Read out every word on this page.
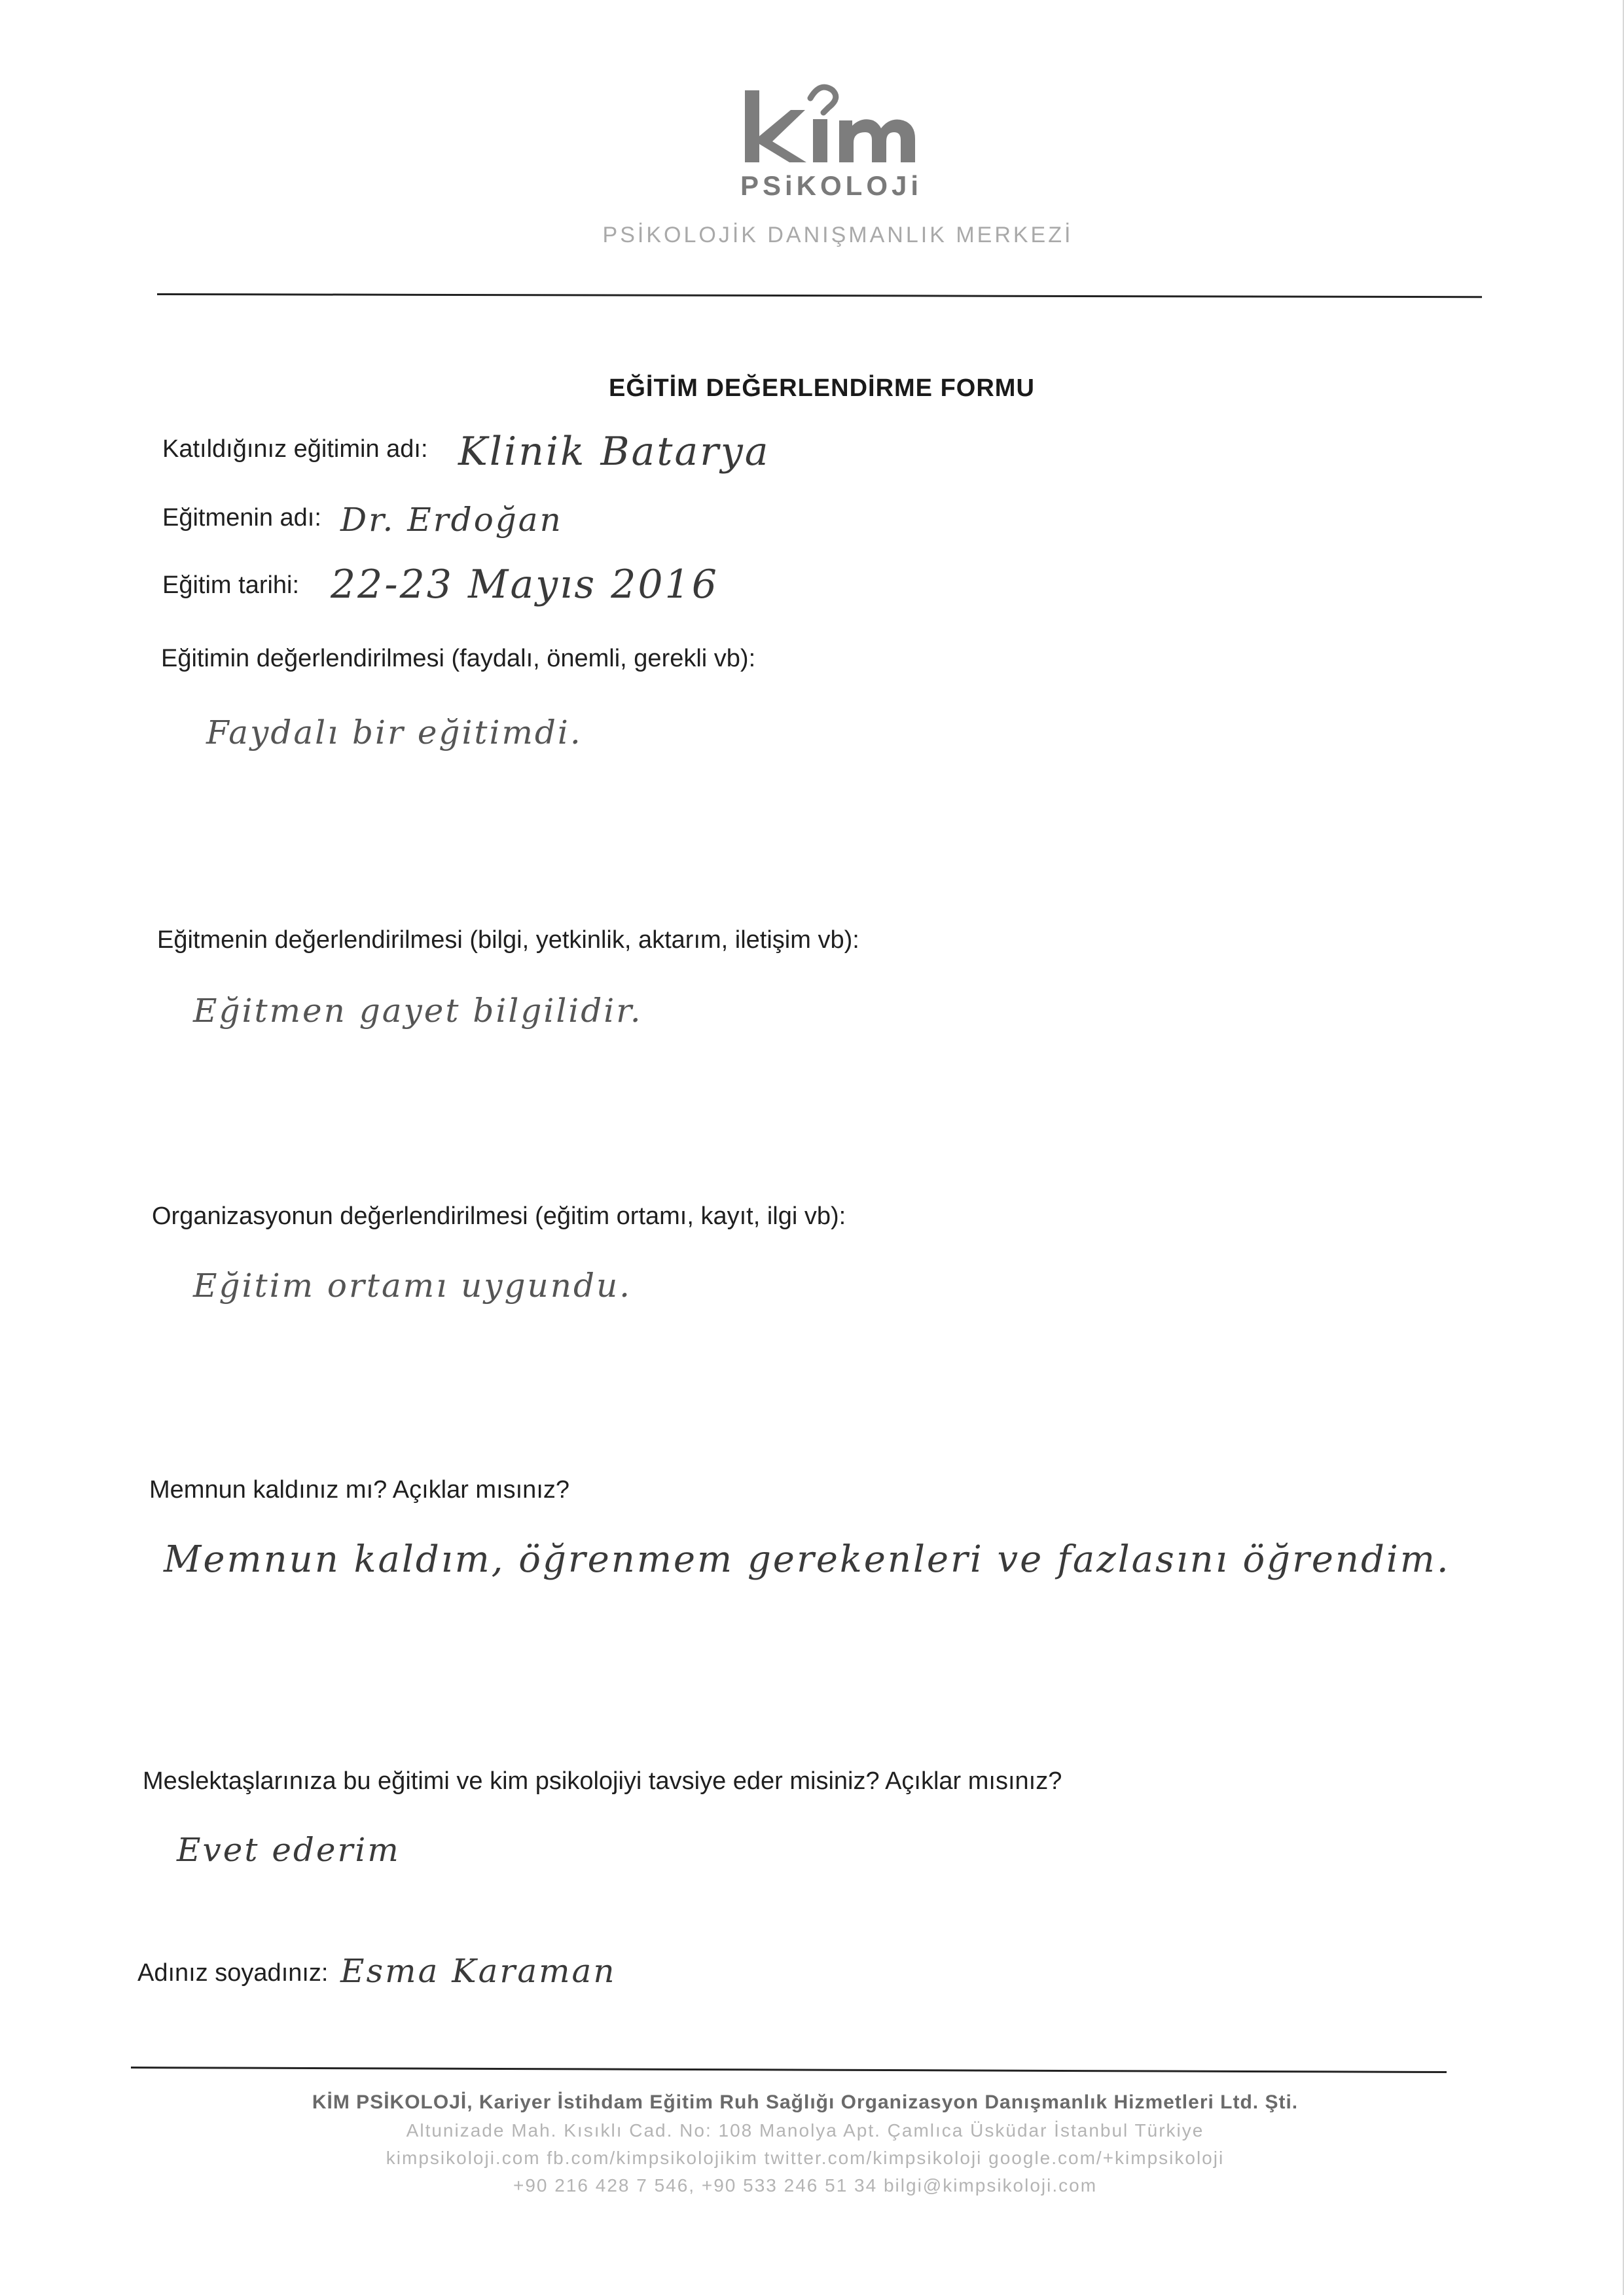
PSiKOLOJi
PSİKOLOJİK DANIŞMANLIK MERKEZİ
EĞİTİM DEĞERLENDİRME FORMU
Katıldığınız eğitimin adı: Klinik Batarya
Eğitmenin adı: Dr. Erdoğan
Eğitim tarihi: 22-23 Mayıs 2016
Eğitimin değerlendirilmesi (faydalı, önemli, gerekli vb):
Faydalı bir eğitimdi.
Eğitmenin değerlendirilmesi (bilgi, yetkinlik, aktarım, iletişim vb):
Eğitmen gayet bilgilidir.
Organizasyonun değerlendirilmesi (eğitim ortamı, kayıt, ilgi vb):
Eğitim ortamı uygundu.
Memnun kaldınız mı? Açıklar mısınız?
Memnun kaldım, öğrenmem gerekenleri ve fazlasını öğrendim.
Meslektaşlarınıza bu eğitimi ve kim psikolojiyi tavsiye eder misiniz? Açıklar mısınız?
Evet ederim
Adınız soyadınız: Esma Karaman
KİM PSİKOLOJİ, Kariyer İstihdam Eğitim Ruh Sağlığı Organizasyon Danışmanlık Hizmetleri Ltd. Şti.
Altunizade Mah. Kısıklı Cad. No: 108 Manolya Apt. Çamlıca Üsküdar İstanbul Türkiye
kimpsikoloji.com fb.com/kimpsikolojikim twitter.com/kimpsikoloji google.com/+kimpsikoloji
+90 216 428 7 546, +90 533 246 51 34 bilgi@kimpsikoloji.com
